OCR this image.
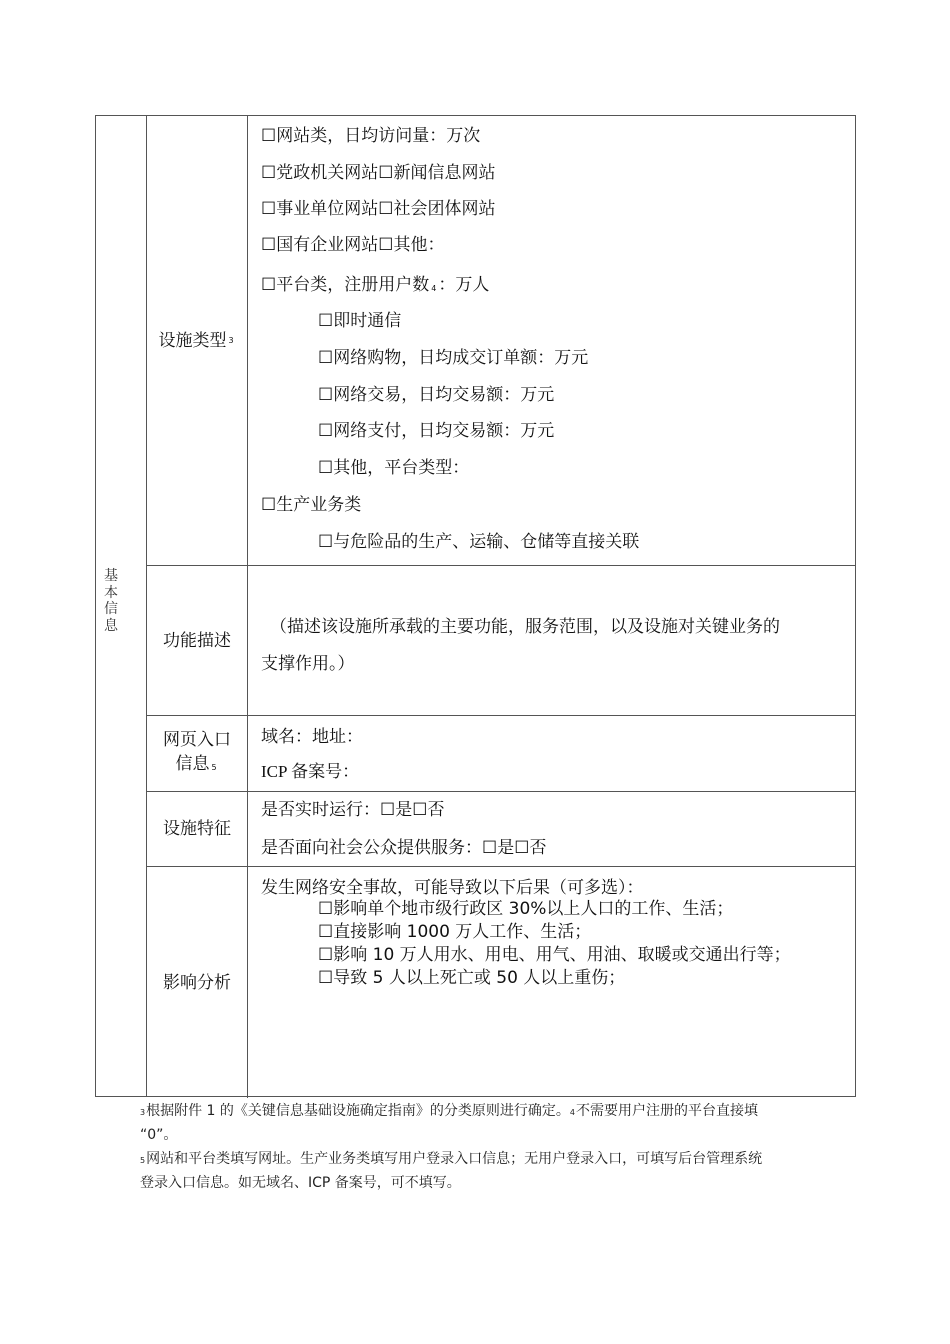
基
本
信
息
设施类型 3
☐网站类，日均访问量：万次
☐党政机关网站☐新闻信息网站
☐事业单位网站☐社会团体网站
☐国有企业网站☐其他：
☐平台类，注册用户数 4 ：万人
☐即时通信
☐网络购物，日均成交订单额：万元
☐网络交易，日均交易额：万元
☐网络支付，日均交易额：万元
☐其他，平台类型：
☐生产业务类
☐与危险品的生产、运输、仓储等直接关联
功能描述
（描述该设施所承载的主要功能，服务范围，以及设施对关键业务的
支撑作用。）
网页入口
信息 5
域名：地址：
ICP 备案号：
设施特征
是否实时运行：☐是☐否
是否面向社会公众提供服务：☐是☐否
影响分析
发生网络安全事故，可能导致以下后果（可多选）：
☐影响单个地市级行政区 30%以上人口的工作、生活；
☐直接影响 1000 万人工作、生活；
☐影响 10 万人用水、用电、用气、用油、取暖或交通出行等；
☐导致 5 人以上死亡或 50 人以上重伤；
3根据附件 1 的《关键信息基础设施确定指南》的分类原则进行确定。4不需要用户注册的平台直接填
“0”。
5网站和平台类填写网址。生产业务类填写用户登录入口信息；无用户登录入口，可填写后台管理系统
登录入口信息。如无域名、ICP 备案号，可不填写。
